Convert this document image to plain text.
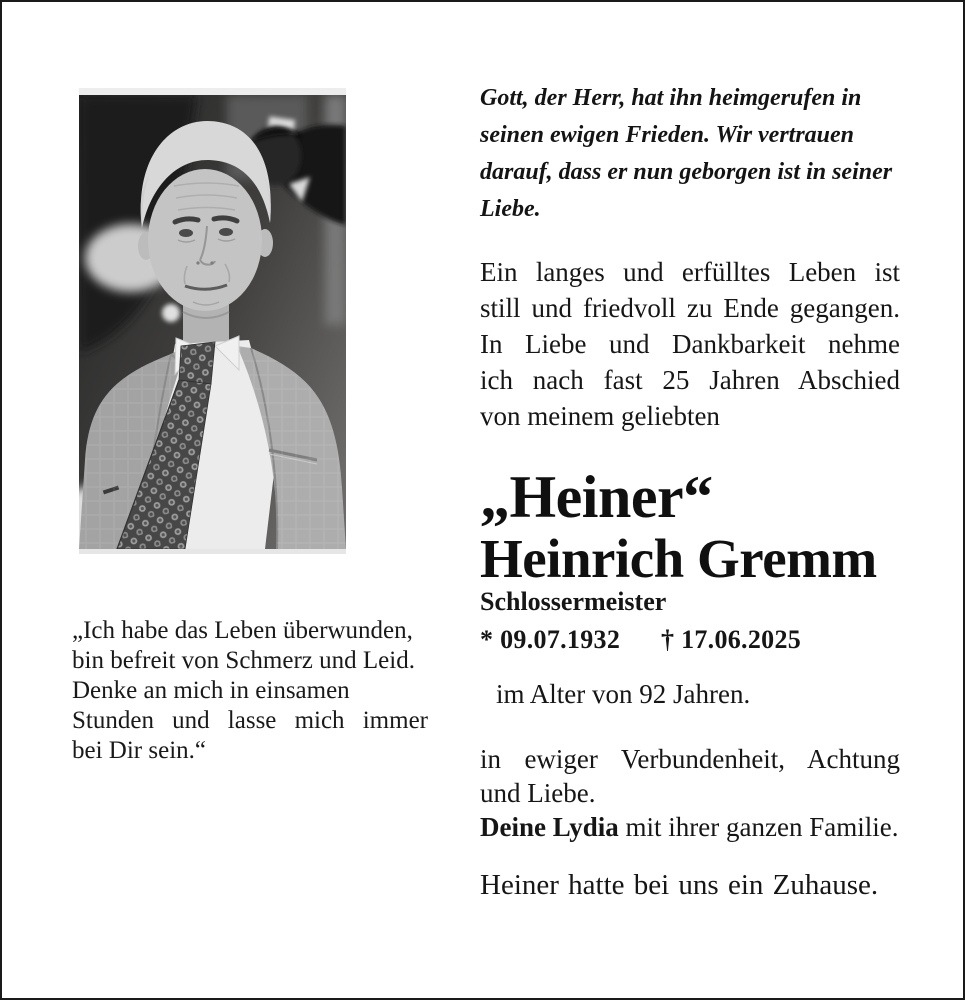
„Ich habe das Leben überwunden,
bin befreit von Schmerz und Leid.
Denke an mich in einsamen
Stunden und lasse mich immer
bei Dir sein.“
Gott, der Herr, hat ihn heimgerufen in
seinen ewigen Frieden. Wir vertrauen
darauf, dass er nun geborgen ist in seiner
Liebe.
Ein langes und erfülltes Leben ist
still und friedvoll zu Ende gegangen.
In Liebe und Dankbarkeit nehme
ich nach fast 25 Jahren Abschied
von meinem geliebten
„Heiner“
Heinrich Gremm
Schlossermeister
* 09.07.1932 † 17.06.2025
im Alter von 92 Jahren.
in ewiger Verbundenheit, Achtung
und Liebe.
Deine Lydia mit ihrer ganzen Familie.
Heiner hatte bei uns ein Zuhause.
